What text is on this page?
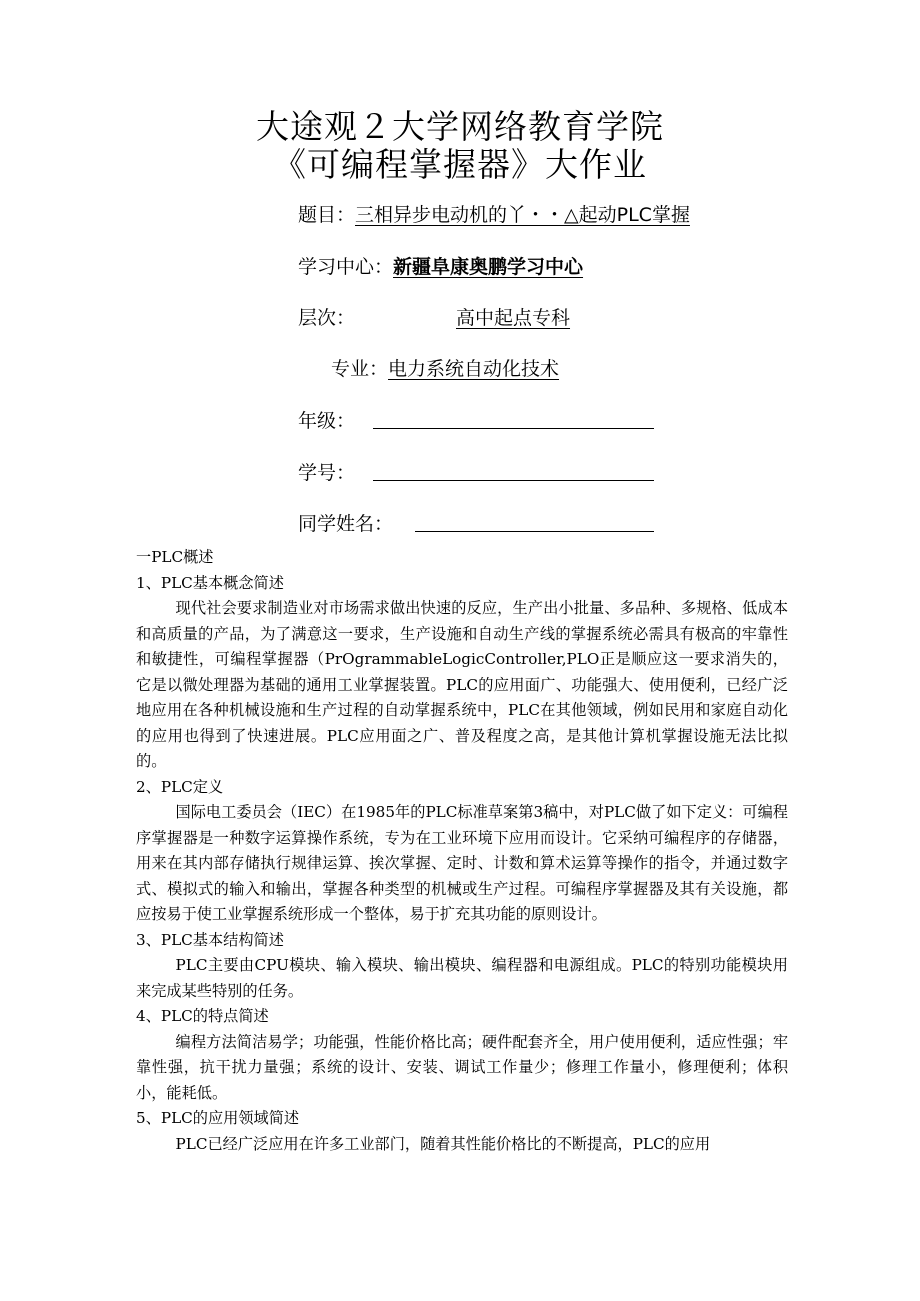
大途观２大学网络教育学院
《可编程掌握器》大作业
题目：三相异步电动机的丫・・△起动PLC掌握
学习中心：新疆阜康奥鹏学习中心
层次：	高中起点专科
专业：电力系统自动化技术
年级：
学号：
同学姓名：

一PLC概述

1、PLC基本概念简述

现代社会要求制造业对市场需求做出快速的反应，生产出小批量、多品种、多规格、低成本和高质量的产品，为了满意这一要求，生产设施和自动生产线的掌握系统必需具有极高的牢靠性和敏捷性，可编程掌握器（PrOgrammableLogicController,PLO正是顺应这一要求消失的，它是以微处理器为基础的通用工业掌握装置。PLC的应用面广、功能强大、使用便利，已经广泛地应用在各种机械设施和生产过程的自动掌握系统中，PLC在其他领域，例如民用和家庭自动化的应用也得到了快速进展。PLC应用面之广、普及程度之高，是其他计算机掌握设施无法比拟的。

2、PLC定义

国际电工委员会（IEC）在1985年的PLC标准草案第3稿中，对PLC做了如下定义：可编程序掌握器是一种数字运算操作系统，专为在工业环境下应用而设计。它采纳可编程序的存储器，用来在其内部存储执行规律运算、挨次掌握、定时、计数和算术运算等操作的指令，并通过数字式、模拟式的输入和输出，掌握各种类型的机械或生产过程。可编程序掌握器及其有关设施，都应按易于使工业掌握系统形成一个整体，易于扩充其功能的原则设计。

3、PLC基本结构简述

PLC主要由CPU模块、输入模块、输出模块、编程器和电源组成。PLC的特别功能模块用来完成某些特别的任务。

4、PLC的特点简述

编程方法简洁易学；功能强，性能价格比高；硬件配套齐全，用户使用便利，适应性强；牢靠性强，抗干扰力量强；系统的设计、安装、调试工作量少；修理工作量小，修理便利；体积小，能耗低。

5、PLC的应用领域简述

PLC已经广泛应用在许多工业部门，随着其性能价格比的不断提高，PLC的应用
